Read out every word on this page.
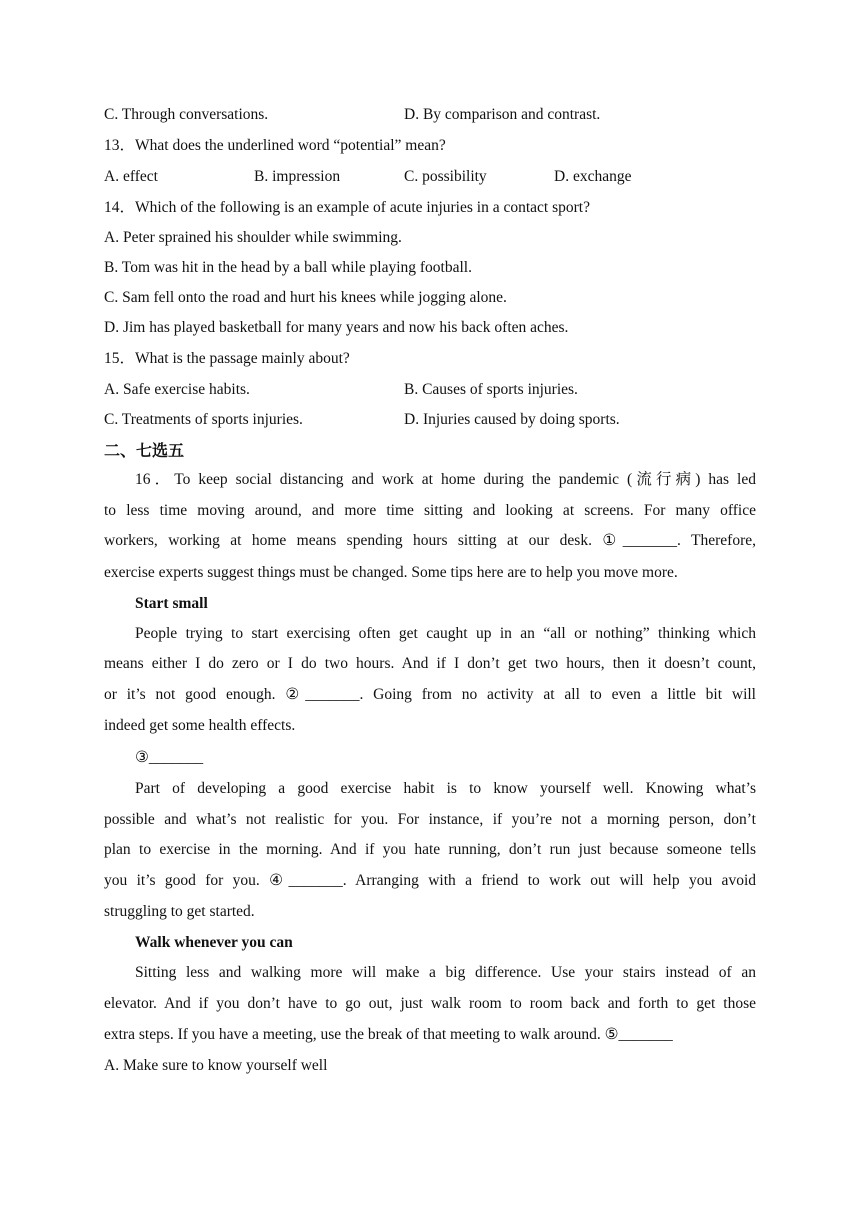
C. Through conversations.	D. By comparison and contrast.
13．What does the underlined word “potential” mean?
A. effect	B. impression	C. possibility	D. exchange
14．Which of the following is an example of acute injuries in a contact sport?
A. Peter sprained his shoulder while swimming.
B. Tom was hit in the head by a ball while playing football.
C. Sam fell onto the road and hurt his knees while jogging alone.
D. Jim has played basketball for many years and now his back often aches.
15．What is the passage mainly about?
A. Safe exercise habits.	B. Causes of sports injuries.
C. Treatments of sports injuries.	D. Injuries caused by doing sports.
二、七选五
16．To keep social distancing and work at home during the pandemic (流行病) has led
to less time moving around, and more time sitting and looking at screens. For many office
workers, working at home means spending hours sitting at our desk. ①_______. Therefore,
exercise experts suggest things must be changed. Some tips here are to help you move more.
Start small
People trying to start exercising often get caught up in an “all or nothing” thinking which
means either I do zero or I do two hours. And if I don’t get two hours, then it doesn’t count,
or it’s not good enough. ②_______. Going from no activity at all to even a little bit will
indeed get some health effects.
③_______
Part of developing a good exercise habit is to know yourself well. Knowing what’s
possible and what’s not realistic for you. For instance, if you’re not a morning person, don’t
plan to exercise in the morning. And if you hate running, don’t run just because someone tells
you it’s good for you. ④_______. Arranging with a friend to work out will help you avoid
struggling to get started.
Walk whenever you can
Sitting less and walking more will make a big difference. Use your stairs instead of an
elevator. And if you don’t have to go out, just walk room to room back and forth to get those
extra steps. If you have a meeting, use the break of that meeting to walk around. ⑤_______
A. Make sure to know yourself well
